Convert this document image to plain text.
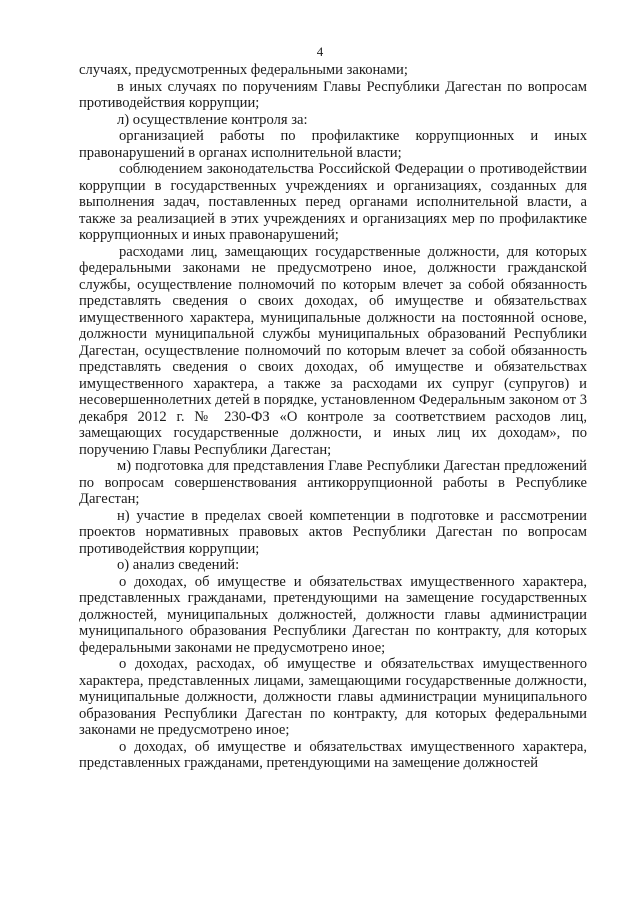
4

случаях, предусмотренных федеральными законами;

в иных случаях по поручениям Главы Республики Дагестан по вопросам противодействия коррупции;

л) осуществление контроля за:

организацией работы по профилактике коррупционных и иных правонарушений в органах исполнительной власти;

соблюдением законодательства Российской Федерации о противодействии коррупции в государственных учреждениях и организациях, созданных для выполнения задач, поставленных перед органами исполнительной власти, а также за реализацией в этих учреждениях и организациях мер по профилактике коррупционных и иных правонарушений;

расходами лиц, замещающих государственные должности, для которых федеральными законами не предусмотрено иное, должности гражданской службы, осуществление полномочий по которым влечет за собой обязанность представлять сведения о своих доходах, об имуществе и обязательствах имущественного характера, муниципальные должности на постоянной основе, должности муниципальной службы муниципальных образований Республики Дагестан, осуществление полномочий по которым влечет за собой обязанность представлять сведения о своих доходах, об имуществе и обязательствах имущественного характера, а также за расходами их супруг (супругов) и несовершеннолетних детей в порядке, установленном Федеральным законом от 3 декабря 2012 г. № 230-ФЗ «О контроле за соответствием расходов лиц, замещающих государственные должности, и иных лиц их доходам», по поручению Главы Республики Дагестан;

м) подготовка для представления Главе Республики Дагестан предложений по вопросам совершенствования антикоррупционной работы в Республике Дагестан;

н) участие в пределах своей компетенции в подготовке и рассмотрении проектов нормативных правовых актов Республики Дагестан по вопросам противодействия коррупции;

о) анализ сведений:

о доходах, об имуществе и обязательствах имущественного характера, представленных гражданами, претендующими на замещение государственных должностей, муниципальных должностей, должности главы администрации муниципального образования Республики Дагестан по контракту, для которых федеральными законами не предусмотрено иное;

о доходах, расходах, об имуществе и обязательствах имущественного характера, представленных лицами, замещающими государственные должности, муниципальные должности, должности главы администрации муниципального образования Республики Дагестан по контракту, для которых федеральными законами не предусмотрено иное;

о доходах, об имуществе и обязательствах имущественного характера, представленных гражданами, претендующими на замещение должностей
